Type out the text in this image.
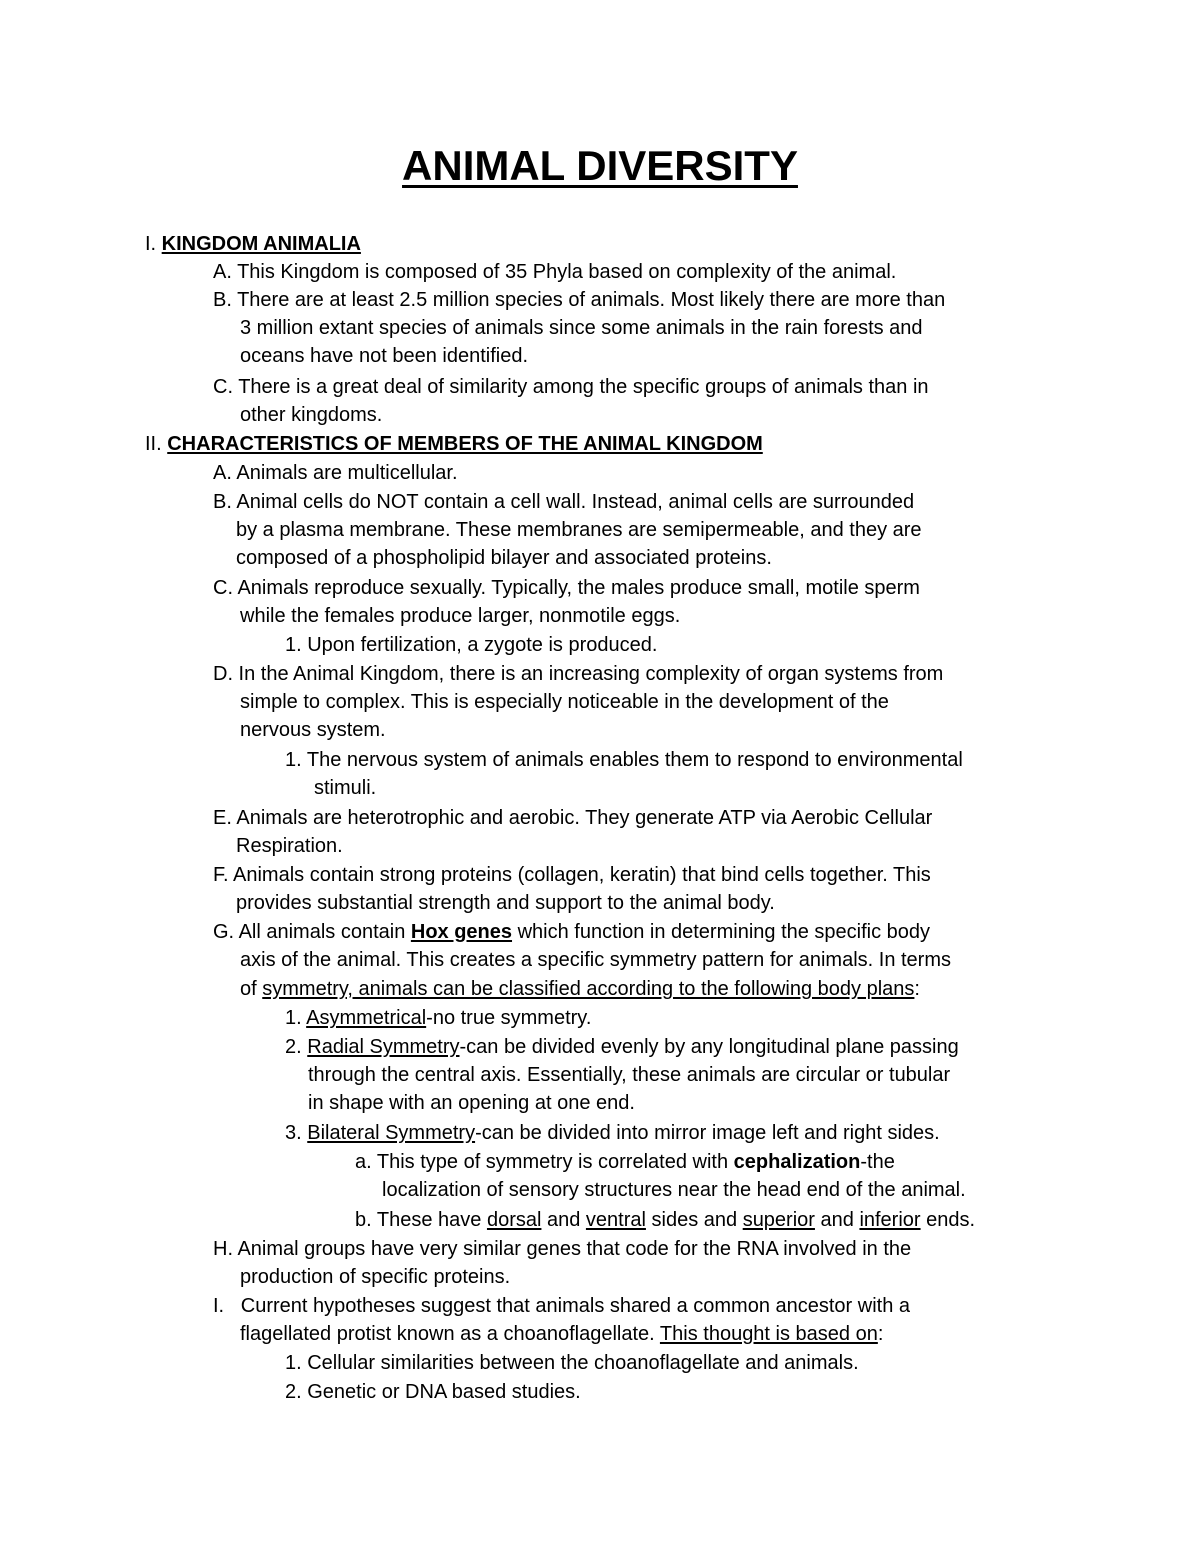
ANIMAL DIVERSITY
I. KINGDOM ANIMALIA
A. This Kingdom is composed of 35 Phyla based on complexity of the animal.
B. There are at least 2.5 million species of animals. Most likely there are more than
3 million extant species of animals since some animals in the rain forests and
oceans have not been identified.
C. There is a great deal of similarity among the specific groups of animals than in
other kingdoms.
II. CHARACTERISTICS OF MEMBERS OF THE ANIMAL KINGDOM
A. Animals are multicellular.
B. Animal cells do NOT contain a cell wall. Instead, animal cells are surrounded
by a plasma membrane. These membranes are semipermeable, and they are
composed of a phospholipid bilayer and associated proteins.
C. Animals reproduce sexually. Typically, the males produce small, motile sperm
while the females produce larger, nonmotile eggs.
1. Upon fertilization, a zygote is produced.
D. In the Animal Kingdom, there is an increasing complexity of organ systems from
simple to complex. This is especially noticeable in the development of the
nervous system.
1. The nervous system of animals enables them to respond to environmental
stimuli.
E. Animals are heterotrophic and aerobic. They generate ATP via Aerobic Cellular
Respiration.
F. Animals contain strong proteins (collagen, keratin) that bind cells together. This
provides substantial strength and support to the animal body.
G. All animals contain Hox genes which function in determining the specific body
axis of the animal. This creates a specific symmetry pattern for animals. In terms
of symmetry, animals can be classified according to the following body plans:
1. Asymmetrical-no true symmetry.
2. Radial Symmetry-can be divided evenly by any longitudinal plane passing
through the central axis. Essentially, these animals are circular or tubular
in shape with an opening at one end.
3. Bilateral Symmetry-can be divided into mirror image left and right sides.
a. This type of symmetry is correlated with cephalization-the
localization of sensory structures near the head end of the animal.
b. These have dorsal and ventral sides and superior and inferior ends.
H. Animal groups have very similar genes that code for the RNA involved in the
production of specific proteins.
I.   Current hypotheses suggest that animals shared a common ancestor with a
flagellated protist known as a choanoflagellate. This thought is based on:
1. Cellular similarities between the choanoflagellate and animals.
2. Genetic or DNA based studies.
